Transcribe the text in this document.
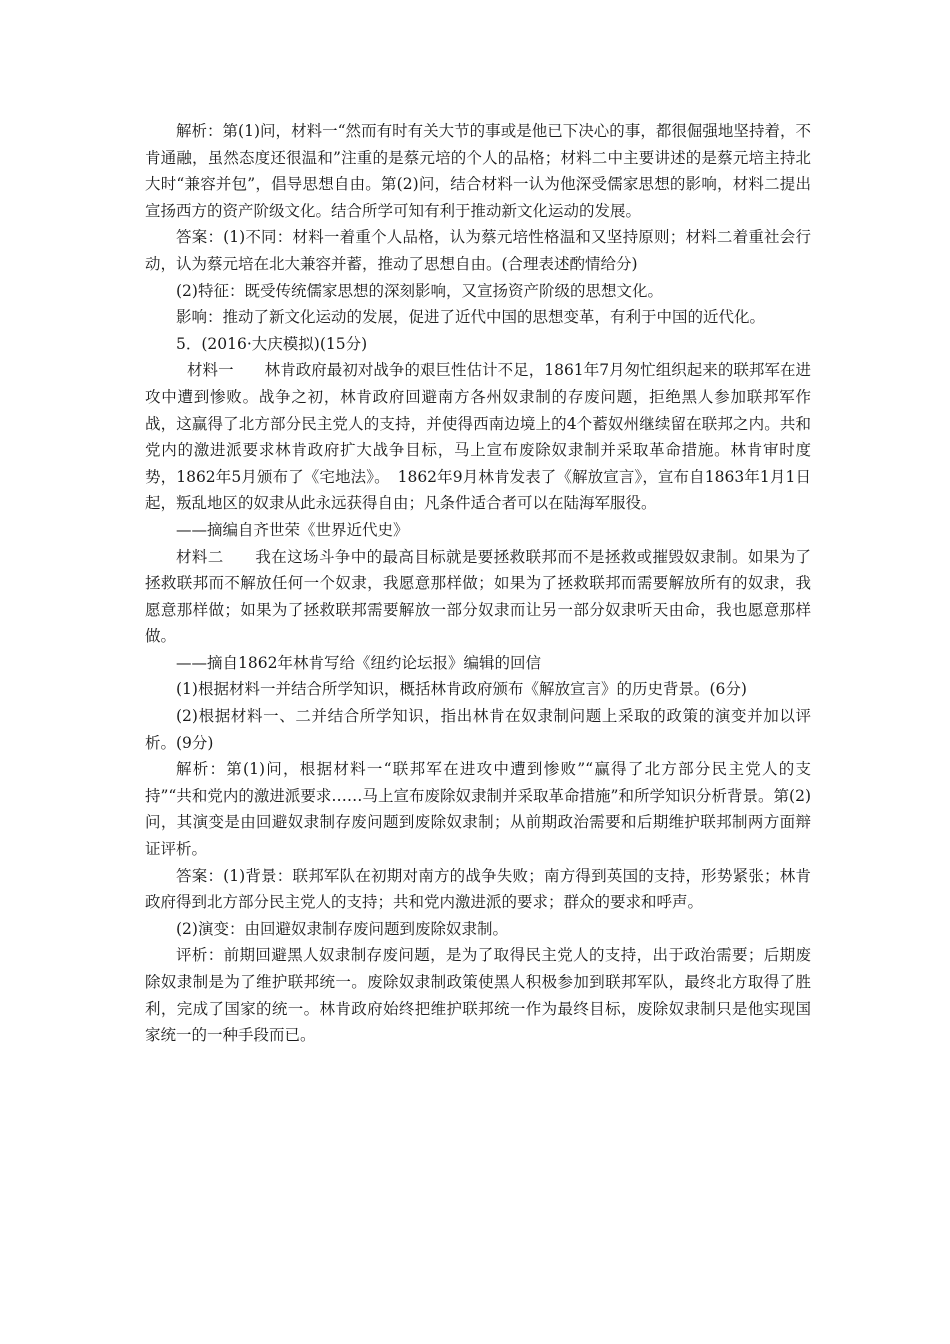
解析：第(1)问，材料一“然而有时有关大节的事或是他已下决心的事，都很倔强地坚持着，不肯通融，虽然态度还很温和”注重的是蔡元培的个人的品格；材料二中主要讲述的是蔡元培主持北大时“兼容并包”，倡导思想自由。第(2)问，结合材料一认为他深受儒家思想的影响，材料二提出宣扬西方的资产阶级文化。结合所学可知有利于推动新文化运动的发展。

答案：(1)不同：材料一着重个人品格，认为蔡元培性格温和又坚持原则；材料二着重社会行动，认为蔡元培在北大兼容并蓄，推动了思想自由。(合理表述酌情给分)

(2)特征：既受传统儒家思想的深刻影响，又宣扬资产阶级的思想文化。

影响：推动了新文化运动的发展，促进了近代中国的思想变革，有利于中国的近代化。

5．(2016·大庆模拟)(15分)

材料一　　林肯政府最初对战争的艰巨性估计不足，1861年7月匆忙组织起来的联邦军在进攻中遭到惨败。战争之初，林肯政府回避南方各州奴隶制的存废问题，拒绝黑人参加联邦军作战，这赢得了北方部分民主党人的支持，并使得西南边境上的4个蓄奴州继续留在联邦之内。共和党内的激进派要求林肯政府扩大战争目标，马上宣布废除奴隶制并采取革命措施。林肯审时度势，1862年5月颁布了《宅地法》。　1862年9月林肯发表了《解放宣言》，宣布自1863年1月1日起，叛乱地区的奴隶从此永远获得自由；凡条件适合者可以在陆海军服役。

——摘编自齐世荣《世界近代史》

材料二　　我在这场斗争中的最高目标就是要拯救联邦而不是拯救或摧毁奴隶制。如果为了拯救联邦而不解放任何一个奴隶，我愿意那样做；如果为了拯救联邦而需要解放所有的奴隶，我愿意那样做；如果为了拯救联邦需要解放一部分奴隶而让另一部分奴隶听天由命，我也愿意那样做。

——摘自1862年林肯写给《纽约论坛报》编辑的回信

(1)根据材料一并结合所学知识，概括林肯政府颁布《解放宣言》的历史背景。(6分)

(2)根据材料一、二并结合所学知识，指出林肯在奴隶制问题上采取的政策的演变并加以评析。(9分)

解析：第(1)问，根据材料一“联邦军在进攻中遭到惨败”“赢得了北方部分民主党人的支持”“共和党内的激进派要求……马上宣布废除奴隶制并采取革命措施”和所学知识分析背景。第(2)问，其演变是由回避奴隶制存废问题到废除奴隶制；从前期政治需要和后期维护联邦制两方面辩证评析。

答案：(1)背景：联邦军队在初期对南方的战争失败；南方得到英国的支持，形势紧张；林肯政府得到北方部分民主党人的支持；共和党内激进派的要求；群众的要求和呼声。

(2)演变：由回避奴隶制存废问题到废除奴隶制。

评析：前期回避黑人奴隶制存废问题，是为了取得民主党人的支持，出于政治需要；后期废除奴隶制是为了维护联邦统一。废除奴隶制政策使黑人积极参加到联邦军队，最终北方取得了胜利，完成了国家的统一。林肯政府始终把维护联邦统一作为最终目标，废除奴隶制只是他实现国家统一的一种手段而已。
